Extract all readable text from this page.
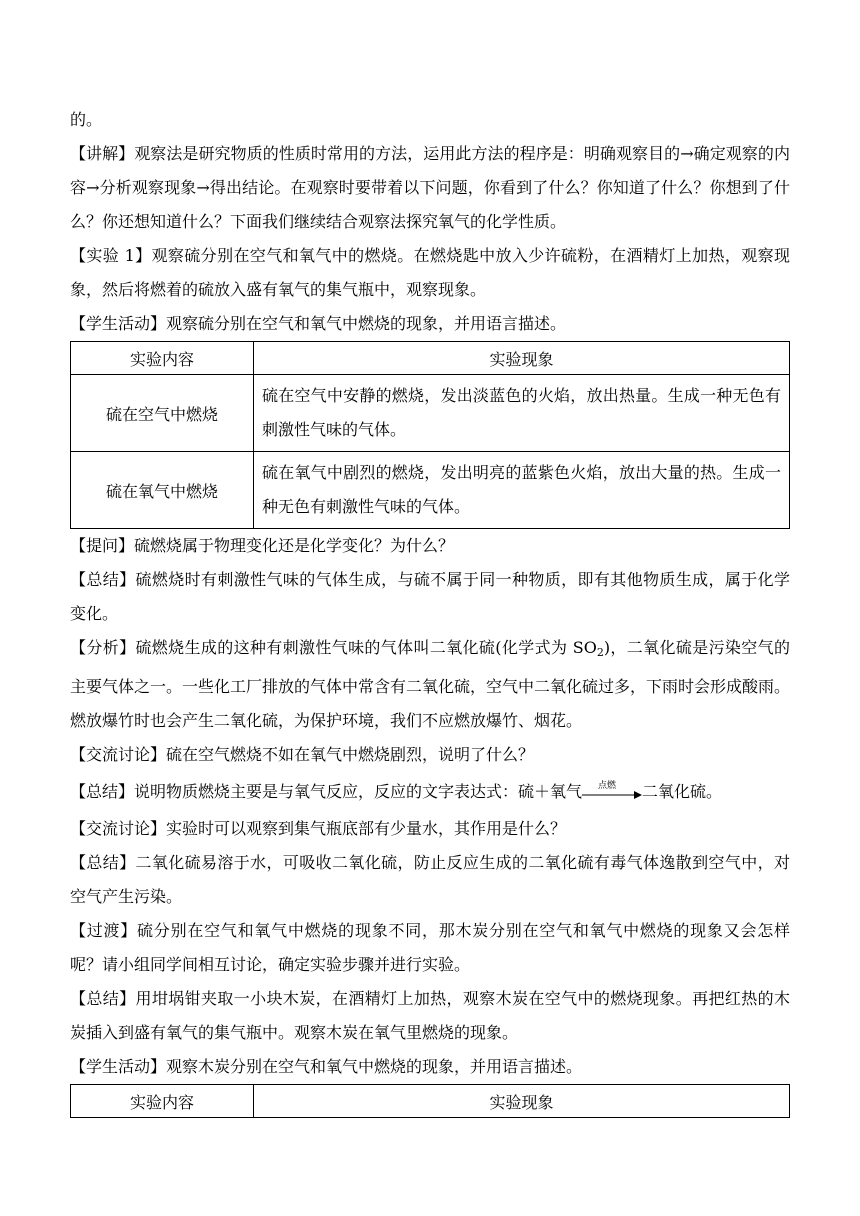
的。

【讲解】观察法是研究物质的性质时常用的方法，运用此方法的程序是：明确观察目的→确定观察的内容→分析观察现象→得出结论。在观察时要带着以下问题，你看到了什么？你知道了什么？你想到了什么？你还想知道什么？下面我们继续结合观察法探究氧气的化学性质。

【实验 1】观察硫分别在空气和氧气中的燃烧。在燃烧匙中放入少许硫粉，在酒精灯上加热，观察现象，然后将燃着的硫放入盛有氧气的集气瓶中，观察现象。

【学生活动】观察硫分别在空气和氧气中燃烧的现象，并用语言描述。

实验内容	实验现象
硫在空气中燃烧	硫在空气中安静的燃烧，发出淡蓝色的火焰，放出热量。生成一种无色有刺激性气味的气体。
硫在氧气中燃烧	硫在氧气中剧烈的燃烧，发出明亮的蓝紫色火焰，放出大量的热。生成一种无色有刺激性气味的气体。

【提问】硫燃烧属于物理变化还是化学变化？为什么？

【总结】硫燃烧时有刺激性气味的气体生成，与硫不属于同一种物质，即有其他物质生成，属于化学变化。

【分析】硫燃烧生成的这种有刺激性气味的气体叫二氧化硫(化学式为 $SO_2$)，二氧化硫是污染空气的主要气体之一。一些化工厂排放的气体中常含有二氧化硫，空气中二氧化硫过多，下雨时会形成酸雨。燃放爆竹时也会产生二氧化硫，为保护环境，我们不应燃放爆竹、烟花。

【交流讨论】硫在空气燃烧不如在氧气中燃烧剧烈，说明了什么？

【总结】说明物质燃烧主要是与氧气反应，反应的文字表达式：硫＋氧气 点燃 二氧化硫。

【交流讨论】实验时可以观察到集气瓶底部有少量水，其作用是什么？

【总结】二氧化硫易溶于水，可吸收二氧化硫，防止反应生成的二氧化硫有毒气体逸散到空气中，对空气产生污染。

【过渡】硫分别在空气和氧气中燃烧的现象不同，那木炭分别在空气和氧气中燃烧的现象又会怎样呢？请小组同学间相互讨论，确定实验步骤并进行实验。

【总结】用坩埚钳夹取一小块木炭，在酒精灯上加热，观察木炭在空气中的燃烧现象。再把红热的木炭插入到盛有氧气的集气瓶中。观察木炭在氧气里燃烧的现象。

【学生活动】观察木炭分别在空气和氧气中燃烧的现象，并用语言描述。

实验内容	实验现象
